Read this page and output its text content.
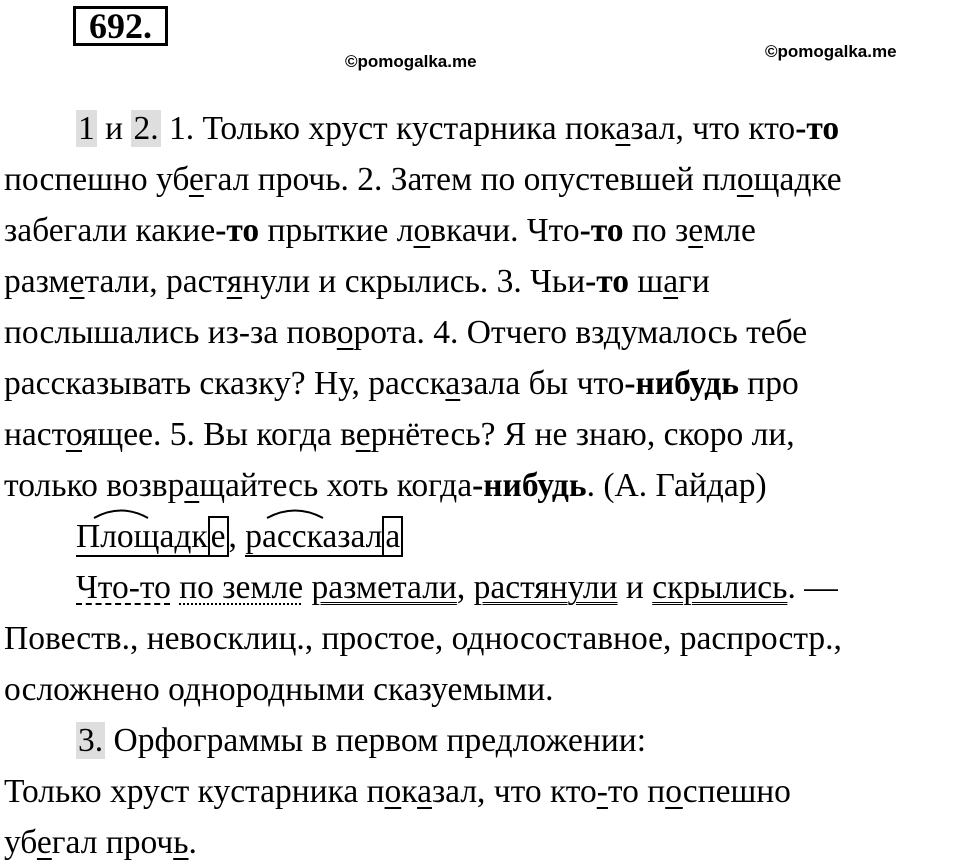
692.
©pomogalka.me
©pomogalka.me
1 и 2. 1. Только хруст кустарника показал, что кто-то
поспешно убегал прочь. 2. Затем по опустевшей площадке
забегали какие-то прыткие ловкачи. Что-то по земле
разметали, растянули и скрылись. 3. Чьи-то шаги
послышались из-за поворота. 4. Отчего вздумалось тебе
рассказывать сказку? Ну, рассказала бы что-нибудь про
настоящее. 5. Вы когда вернётесь? Я не знаю, скоро ли,
только возвращайтесь хоть когда-нибудь. (А. Гайдар)
Площадке,
рассказала
Что-то по земле разметали, растянули и скрылись. —
Повеств., невосклиц., простое, односоставное, распростр.,
осложнено однородными сказуемыми.
3. Орфограммы в первом предложении:
Только хруст кустарника показал, что кто-то поспешно
убегал прочь.
